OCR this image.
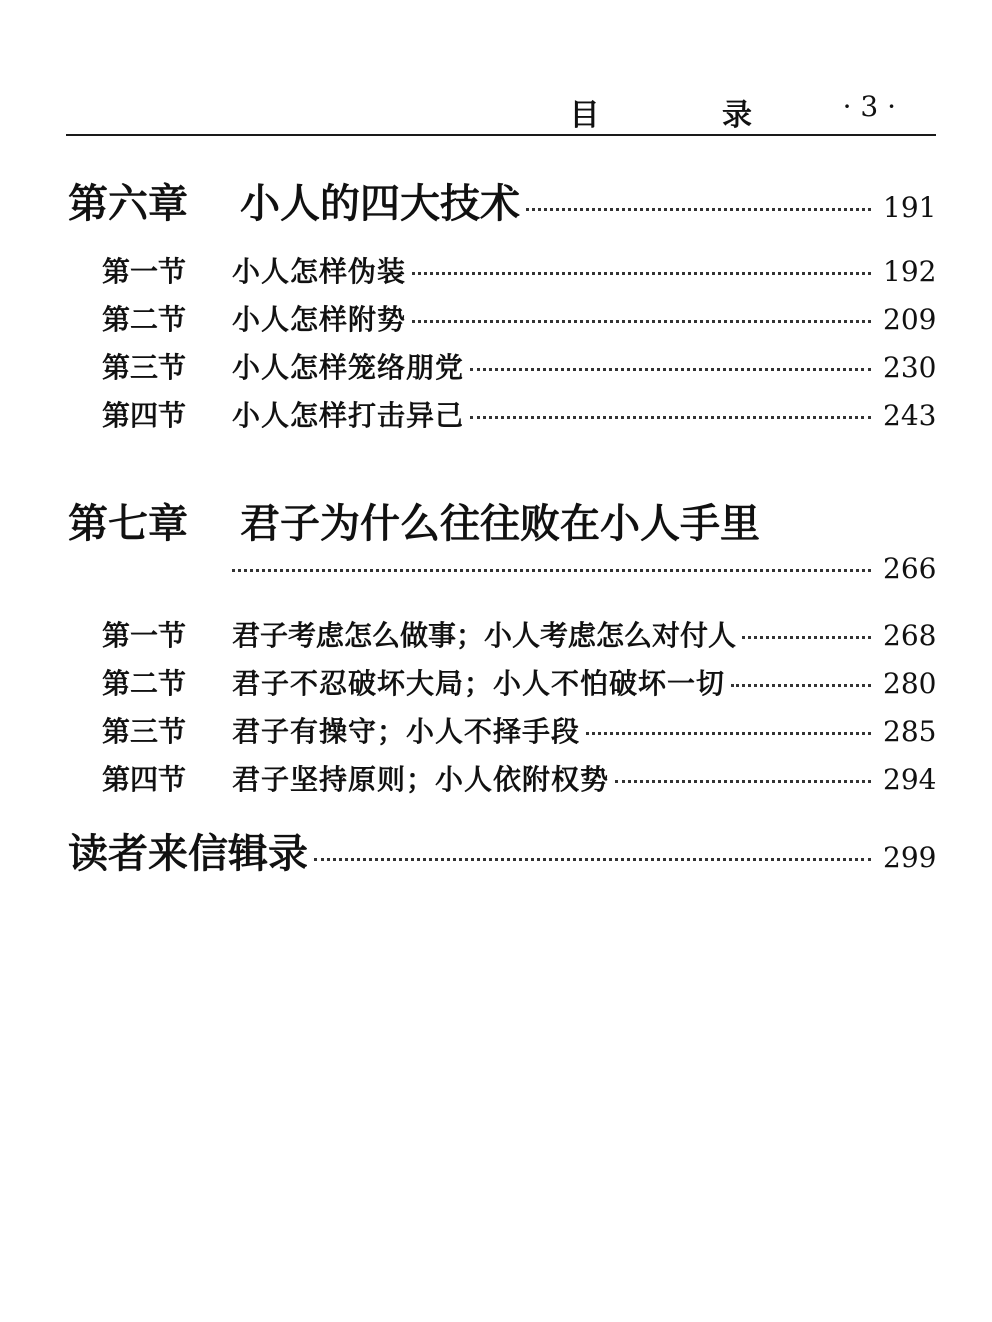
目 录 · 3 ·
第六章	小人的四大技术	191
第一节	小人怎样伪装	192
第二节	小人怎样附势	209
第三节	小人怎样笼络朋党	230
第四节	小人怎样打击异己	243
第七章	君子为什么往往败在小人手里
266
第一节	君子考虑怎么做事；小人考虑怎么对付人	268
第二节	君子不忍破坏大局；小人不怕破坏一切	280
第三节	君子有操守；小人不择手段	285
第四节	君子坚持原则；小人依附权势	294
读者来信辑录	299
